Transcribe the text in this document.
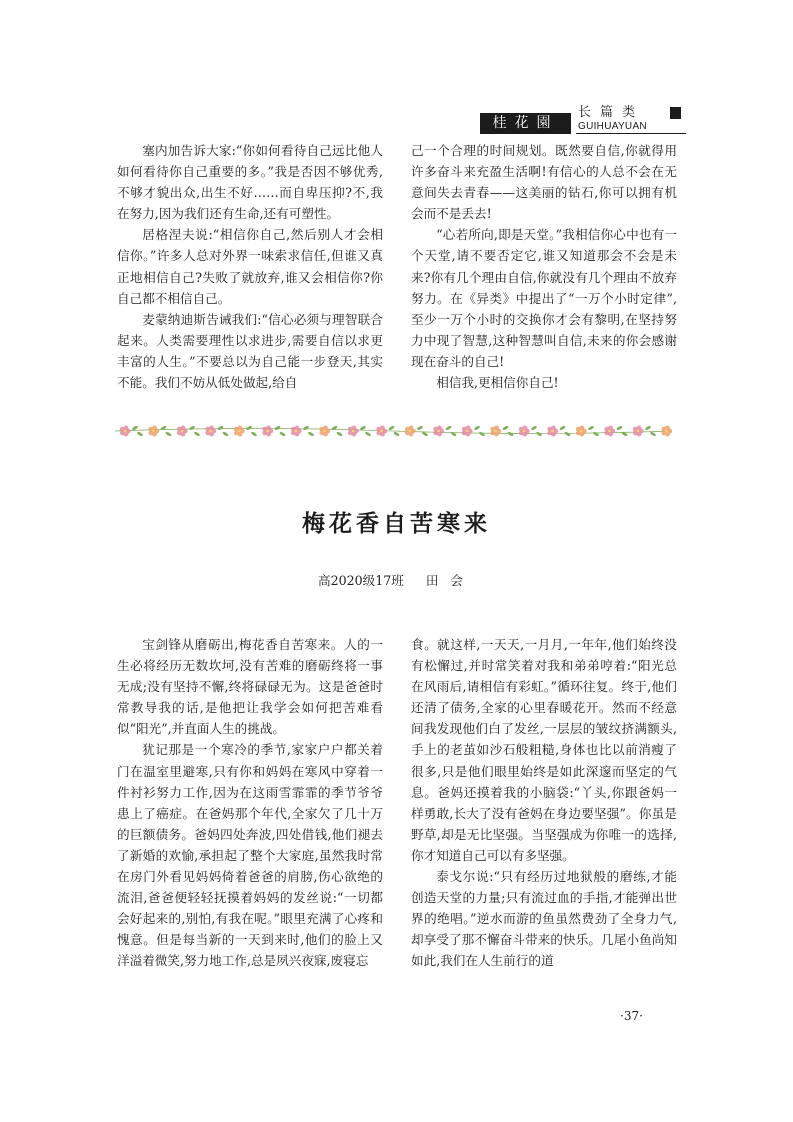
桂花園
长篇类
GUIHUAYUAN

塞内加告诉大家:“你如何看待自己远比他人如何看待你自己重要的多。”我是否因不够优秀,不够才貌出众,出生不好……而自卑压抑?不,我在努力,因为我们还有生命,还有可塑性。

居格涅夫说:“相信你自己,然后别人才会相信你。”许多人总对外界一味索求信任,但谁又真正地相信自己?失败了就放弃,谁又会相信你?你自己都不相信自己。

麦蒙纳迪斯告诫我们:“信心必须与理智联合起来。人类需要理性以求进步,需要自信以求更丰富的人生。”不要总以为自己能一步登天,其实不能。我们不妨从低处做起,给自

己一个合理的时间规划。既然要自信,你就得用许多奋斗来充盈生活啊!有信心的人总不会在无意间失去青春——这美丽的钻石,你可以拥有机会而不是丢去!

“心若所向,即是天堂。”我相信你心中也有一个天堂,请不要否定它,谁又知道那会不会是未来?你有几个理由自信,你就没有几个理由不放弃努力。在《异类》中提出了“一万个小时定律”,至少一万个小时的交换你才会有黎明,在坚持努力中现了智慧,这种智慧叫自信,未来的你会感谢现在奋斗的自己!

相信我,更相信你自己!

梅花香自苦寒来
高2020级17班 田会

宝剑锋从磨砺出,梅花香自苦寒来。人的一生必将经历无数坎坷,没有苦难的磨砺终将一事无成;没有坚持不懈,终将碌碌无为。这是爸爸时常教导我的话,是他把让我学会如何把苦难看似“阳光”,并直面人生的挑战。

犹记那是一个寒冷的季节,家家户户都关着门在温室里避寒,只有你和妈妈在寒风中穿着一件衬衫努力工作,因为在这雨雪霏霏的季节爷爷患上了癌症。在爸妈那个年代,全家欠了几十万的巨额债务。爸妈四处奔波,四处借钱,他们褪去了新婚的欢愉,承担起了整个大家庭,虽然我时常在房门外看见妈妈倚着爸爸的肩膀,伤心欲绝的流泪,爸爸便轻轻抚摸着妈妈的发丝说:“一切都会好起来的,别怕,有我在呢。”眼里充满了心疼和愧意。但是每当新的一天到来时,他们的脸上又洋溢着微笑,努力地工作,总是夙兴夜寐,废寝忘

食。就这样,一天天,一月月,一年年,他们始终没有松懈过,并时常笑着对我和弟弟哼着:“阳光总在风雨后,请相信有彩虹。”循环往复。终于,他们还清了债务,全家的心里春暖花开。然而不经意间我发现他们白了发丝,一层层的皱纹挤满额头,手上的老茧如沙石般粗糙,身体也比以前消瘦了很多,只是他们眼里始终是如此深邃而坚定的气息。爸妈还摸着我的小脑袋:“丫头,你跟爸妈一样勇敢,长大了没有爸妈在身边要坚强”。你虽是野草,却是无比坚强。当坚强成为你唯一的选择,你才知道自己可以有多坚强。

泰戈尔说:“只有经历过地狱般的磨练,才能创造天堂的力量;只有流过血的手指,才能弹出世界的绝唱。”逆水而游的鱼虽然费劲了全身力气,却享受了那不懈奋斗带来的快乐。几尾小鱼尚知如此,我们在人生前行的道

·37·
